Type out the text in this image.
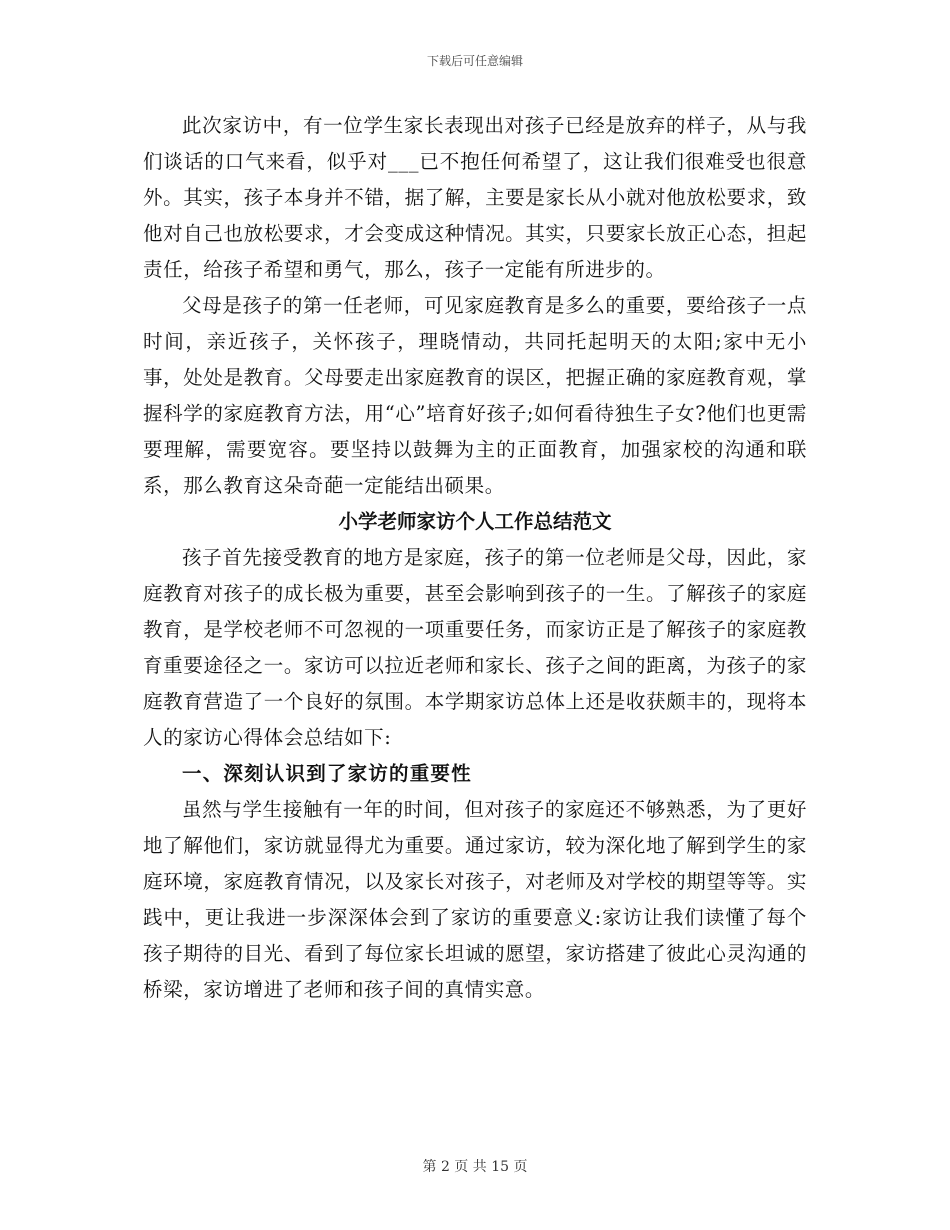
下载后可任意编辑

此次家访中，有一位学生家长表现出对孩子已经是放弃的样子，从与我们谈话的口气来看，似乎对___已不抱任何希望了，这让我们很难受也很意外。其实，孩子本身并不错，据了解，主要是家长从小就对他放松要求，致他对自己也放松要求，才会变成这种情况。其实，只要家长放正心态，担起责任，给孩子希望和勇气，那么，孩子一定能有所进步的。

父母是孩子的第一任老师，可见家庭教育是多么的重要，要给孩子一点时间，亲近孩子，关怀孩子，理晓情动，共同托起明天的太阳;家中无小事，处处是教育。父母要走出家庭教育的误区，把握正确的家庭教育观，掌握科学的家庭教育方法，用“心”培育好孩子;如何看待独生子女?他们也更需要理解，需要宽容。要坚持以鼓舞为主的正面教育，加强家校的沟通和联系，那么教育这朵奇葩一定能结出硕果。

小学老师家访个人工作总结范文

孩子首先接受教育的地方是家庭，孩子的第一位老师是父母，因此，家庭教育对孩子的成长极为重要，甚至会影响到孩子的一生。了解孩子的家庭教育，是学校老师不可忽视的一项重要任务，而家访正是了解孩子的家庭教育重要途径之一。家访可以拉近老师和家长、孩子之间的距离，为孩子的家庭教育营造了一个良好的氛围。本学期家访总体上还是收获颇丰的，现将本人的家访心得体会总结如下:

一、深刻认识到了家访的重要性

虽然与学生接触有一年的时间，但对孩子的家庭还不够熟悉，为了更好地了解他们，家访就显得尤为重要。通过家访，较为深化地了解到学生的家庭环境，家庭教育情况，以及家长对孩子，对老师及对学校的期望等等。实践中，更让我进一步深深体会到了家访的重要意义:家访让我们读懂了每个孩子期待的目光、看到了每位家长坦诚的愿望，家访搭建了彼此心灵沟通的桥梁，家访增进了老师和孩子间的真情实意。

第 2 页 共 15 页
